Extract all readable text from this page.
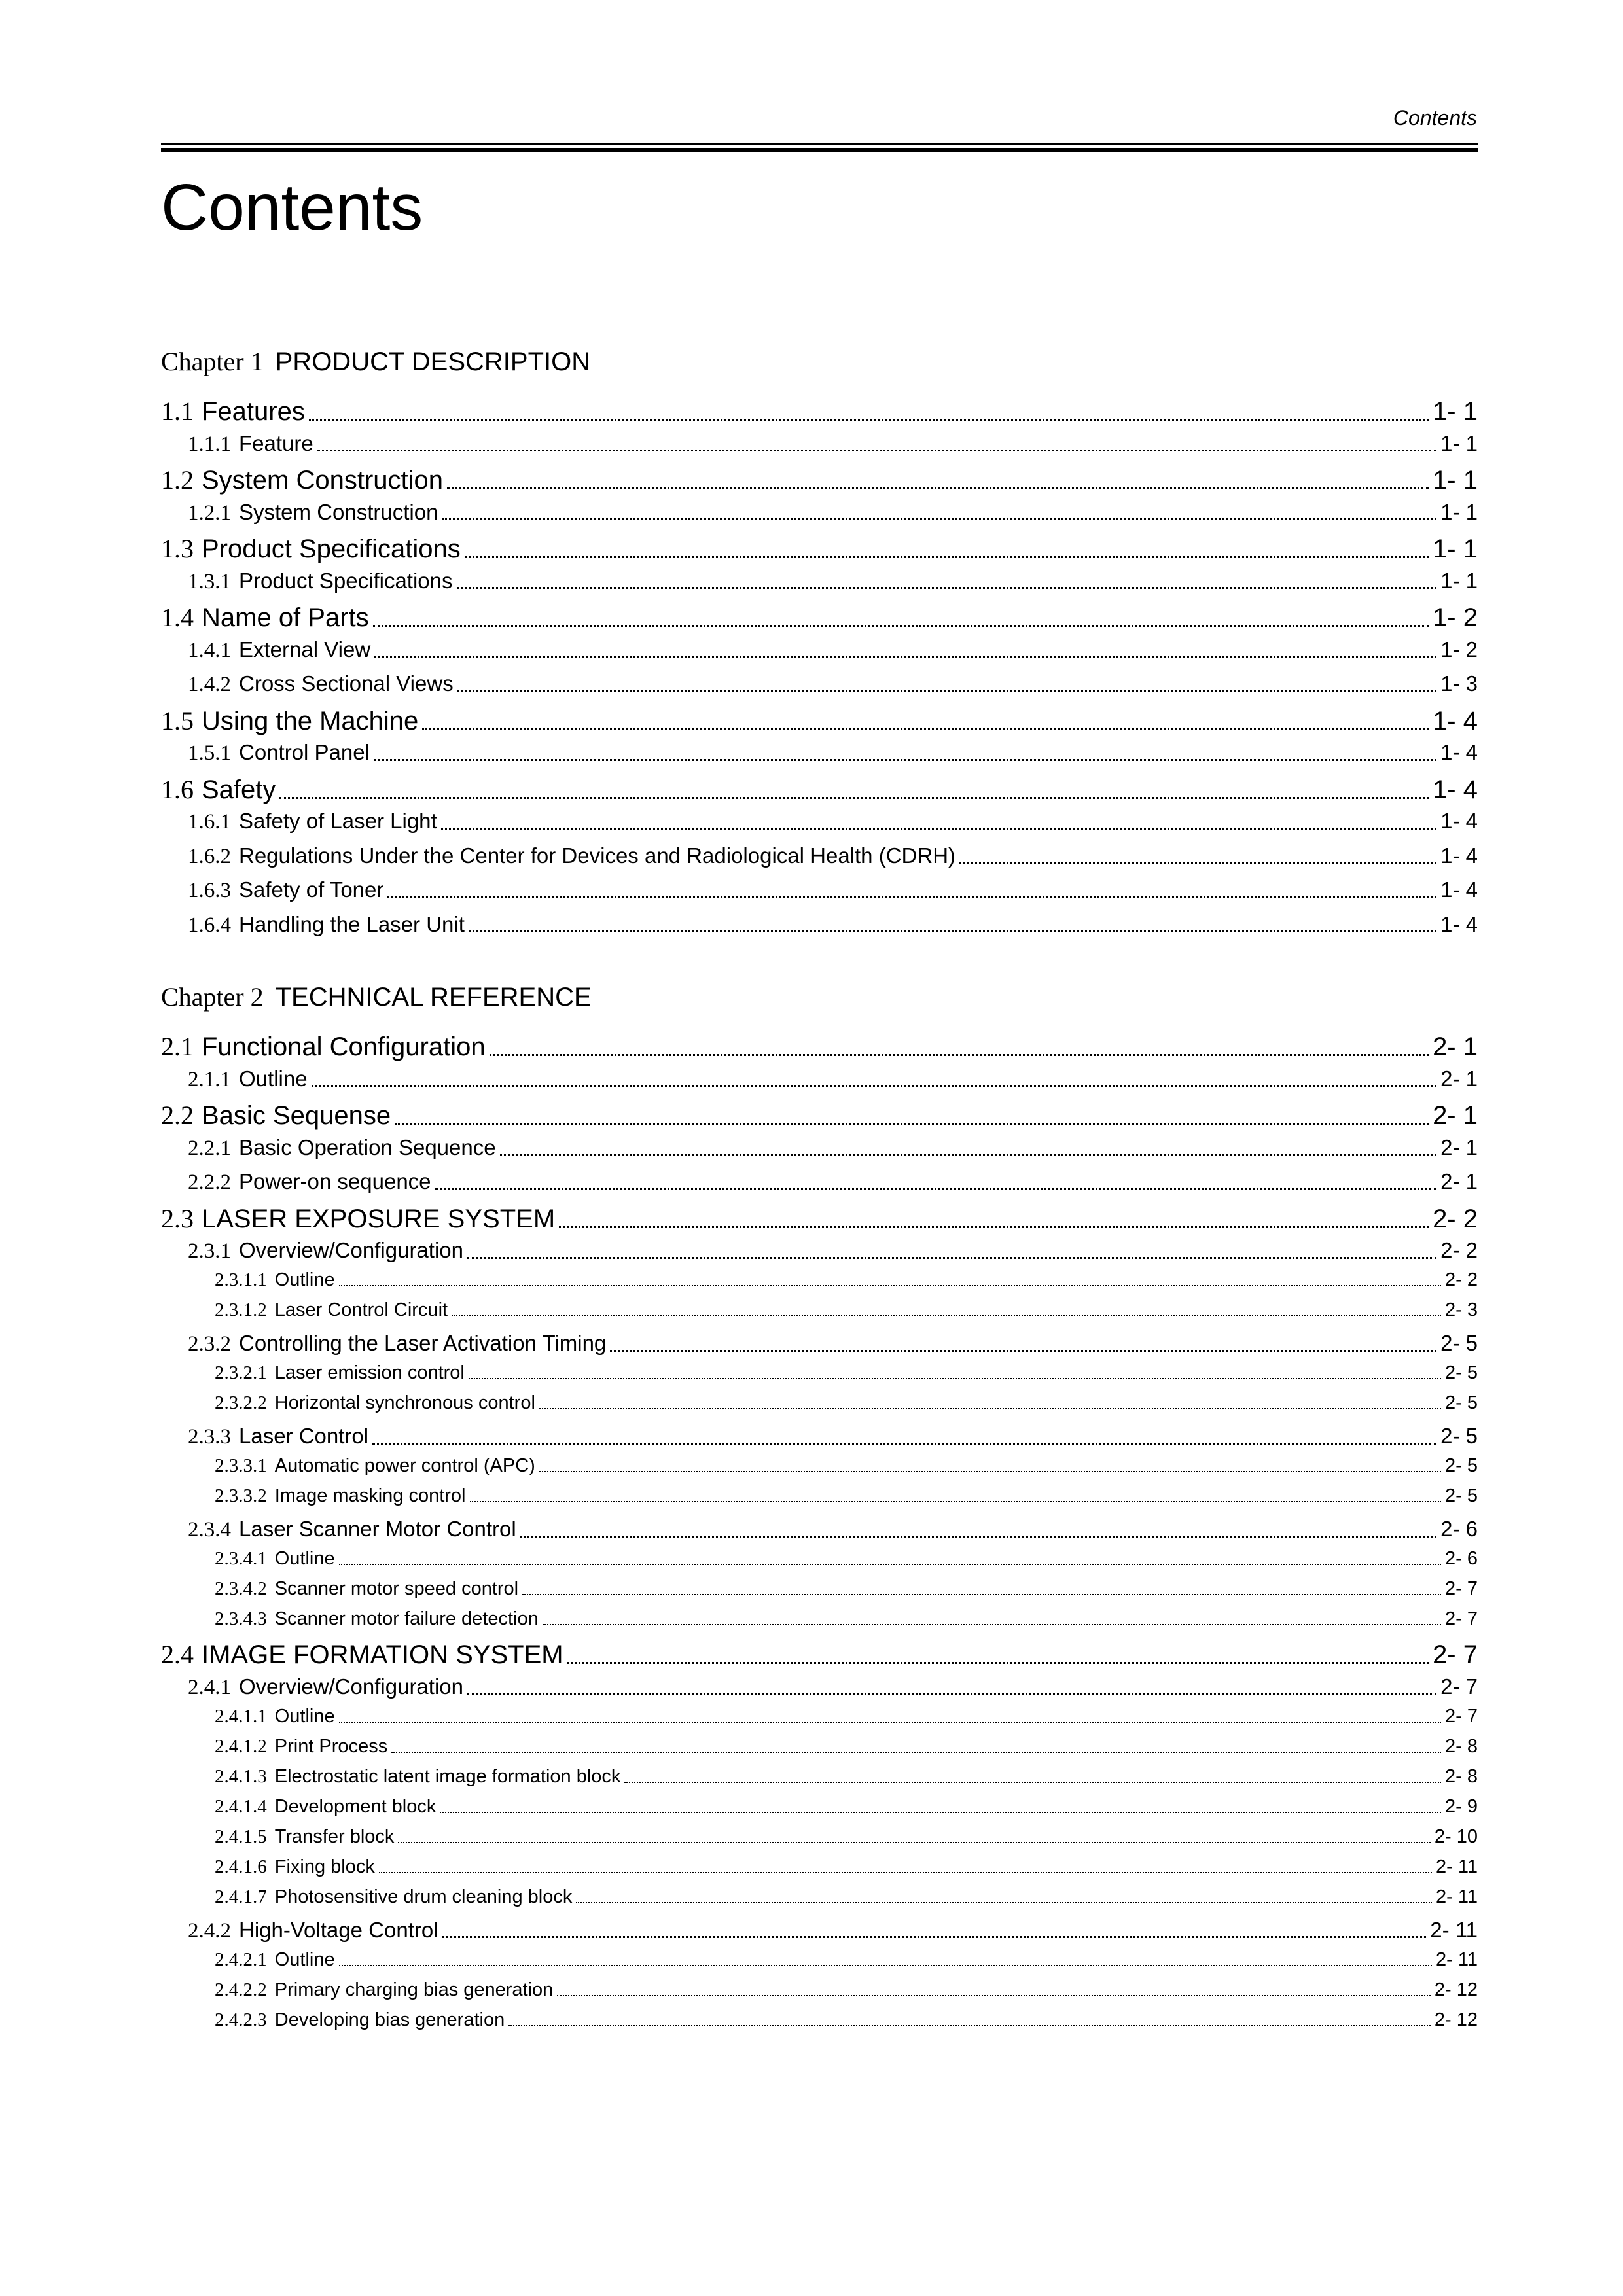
Contents
Contents
Chapter 1 PRODUCT DESCRIPTION
1.1 Features	1- 1
1.1.1 Feature	1- 1
1.2 System Construction	1- 1
1.2.1 System Construction	1- 1
1.3 Product Specifications	1- 1
1.3.1 Product Specifications	1- 1
1.4 Name of Parts	1- 2
1.4.1 External View	1- 2
1.4.2 Cross Sectional Views	1- 3
1.5 Using the Machine	1- 4
1.5.1 Control Panel	1- 4
1.6 Safety	1- 4
1.6.1 Safety of Laser Light	1- 4
1.6.2 Regulations Under the Center for Devices and Radiological Health (CDRH)	1- 4
1.6.3 Safety of Toner	1- 4
1.6.4 Handling the Laser Unit	1- 4
Chapter 2 TECHNICAL REFERENCE
2.1 Functional Configuration	2- 1
2.1.1 Outline	2- 1
2.2 Basic Sequense	2- 1
2.2.1 Basic Operation Sequence	2- 1
2.2.2 Power-on sequence	2- 1
2.3 LASER EXPOSURE SYSTEM	2- 2
2.3.1 Overview/Configuration	2- 2
2.3.1.1 Outline	2- 2
2.3.1.2 Laser Control Circuit	2- 3
2.3.2 Controlling the Laser Activation Timing	2- 5
2.3.2.1 Laser emission control	2- 5
2.3.2.2 Horizontal synchronous control	2- 5
2.3.3 Laser Control	2- 5
2.3.3.1 Automatic power control (APC)	2- 5
2.3.3.2 Image masking control	2- 5
2.3.4 Laser Scanner Motor Control	2- 6
2.3.4.1 Outline	2- 6
2.3.4.2 Scanner motor speed control	2- 7
2.3.4.3 Scanner motor failure detection	2- 7
2.4 IMAGE FORMATION SYSTEM	2- 7
2.4.1 Overview/Configuration	2- 7
2.4.1.1 Outline	2- 7
2.4.1.2 Print Process	2- 8
2.4.1.3 Electrostatic latent image formation block	2- 8
2.4.1.4 Development block	2- 9
2.4.1.5 Transfer block	2- 10
2.4.1.6 Fixing block	2- 11
2.4.1.7 Photosensitive drum cleaning block	2- 11
2.4.2 High-Voltage Control	2- 11
2.4.2.1 Outline	2- 11
2.4.2.2 Primary charging bias generation	2- 12
2.4.2.3 Developing bias generation	2- 12
